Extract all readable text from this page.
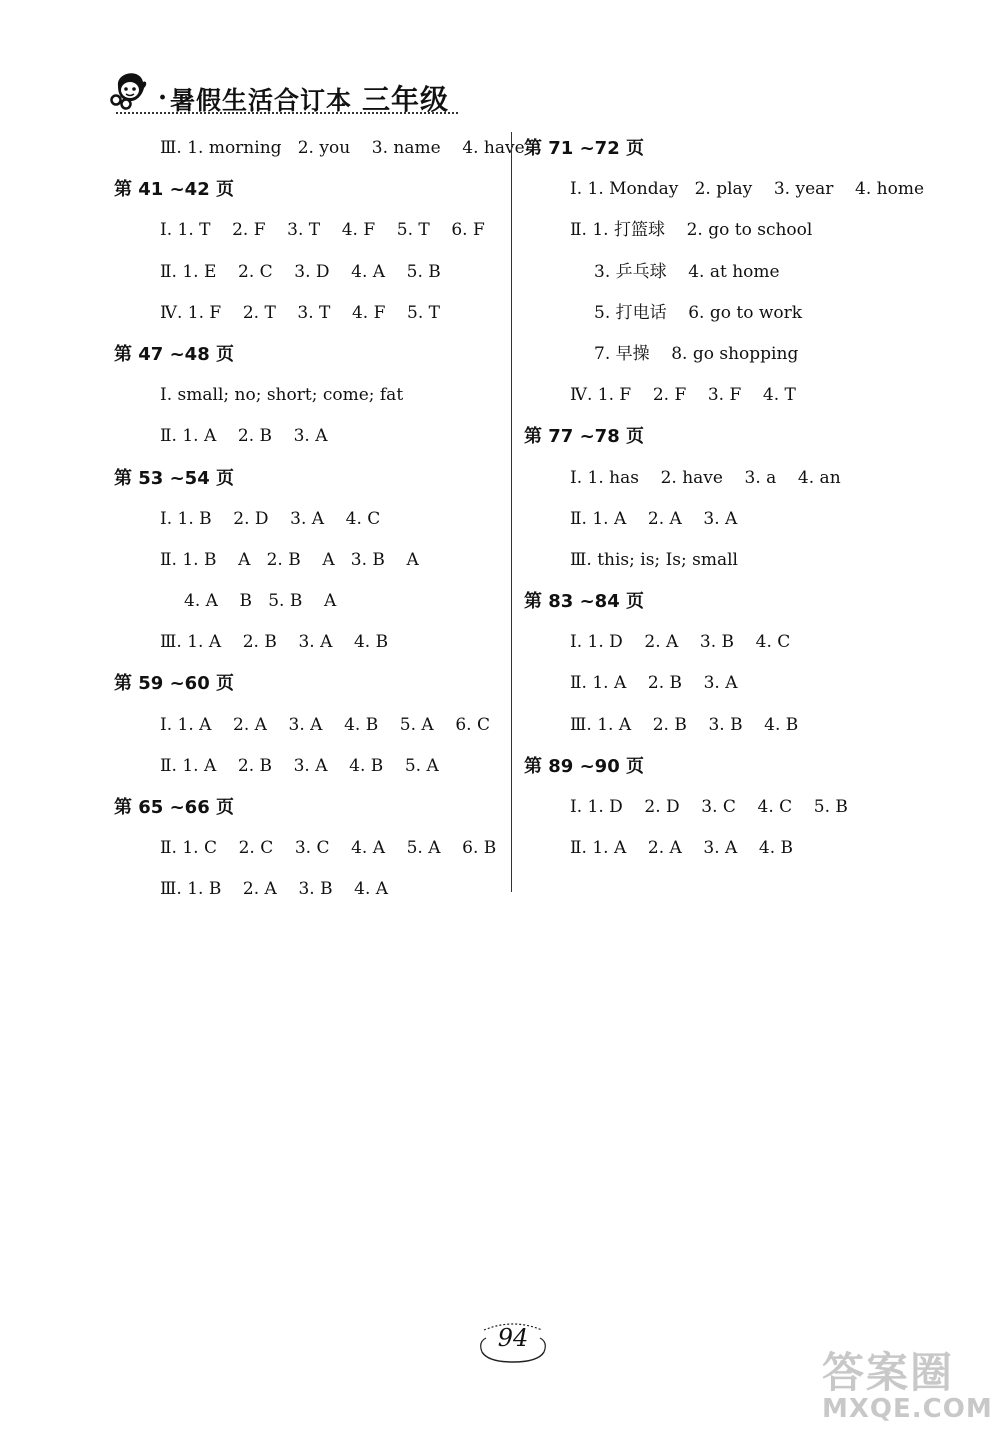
. 暑假生活合订本 三年级
Ⅲ. 1. morning   2. you    3. name    4. have
第 41 ~42 页
Ⅰ. 1. T    2. F    3. T    4. F    5. T    6. F
Ⅱ. 1. E    2. C    3. D    4. A    5. B
Ⅳ. 1. F    2. T    3. T    4. F    5. T
第 47 ~48 页
Ⅰ. small; no; short; come; fat
Ⅱ. 1. A    2. B    3. A
第 53 ~54 页
Ⅰ. 1. B    2. D    3. A    4. C
Ⅱ. 1. B    A   2. B    A   3. B    A
4. A    B   5. B    A
Ⅲ. 1. A    2. B    3. A    4. B
第 59 ~60 页
Ⅰ. 1. A    2. A    3. A    4. B    5. A    6. C
Ⅱ. 1. A    2. B    3. A    4. B    5. A
第 65 ~66 页
Ⅱ. 1. C    2. C    3. C    4. A    5. A    6. B
Ⅲ. 1. B    2. A    3. B    4. A
第 71 ~72 页
Ⅰ. 1. Monday   2. play    3. year    4. home
Ⅱ. 1. 打篮球    2. go to school
3. 乒乓球    4. at home
5. 打电话    6. go to work
7. 早操    8. go shopping
Ⅳ. 1. F    2. F    3. F    4. T
第 77 ~78 页
Ⅰ. 1. has    2. have    3. a    4. an
Ⅱ. 1. A    2. A    3. A
Ⅲ. this; is; Is; small
第 83 ~84 页
Ⅰ. 1. D    2. A    3. B    4. C
Ⅱ. 1. A    2. B    3. A
Ⅲ. 1. A    2. B    3. B    4. B
第 89 ~90 页
Ⅰ. 1. D    2. D    3. C    4. C    5. B
Ⅱ. 1. A    2. A    3. A    4. B
94
答案圈
MXQE.COM
